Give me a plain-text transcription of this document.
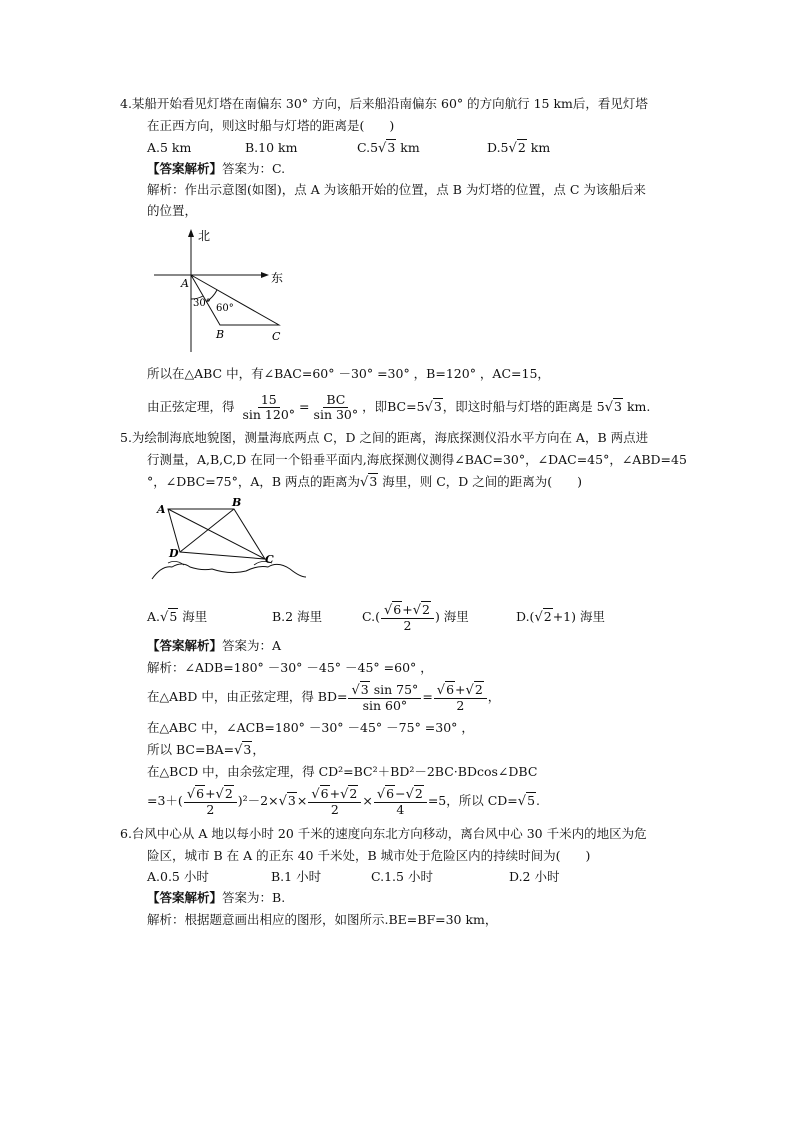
4.某船开始看见灯塔在南偏东 30° 方向，后来船沿南偏东 60° 的方向航行 15 km后，看见灯塔
在正西方向，则这时船与灯塔的距离是(　　)
A.5 km	B.10 km	C.5√3 km	D.5√2 km
【答案解析】答案为：C.
解析：作出示意图(如图)，点 A 为该船开始的位置，点 B 为灯塔的位置，点 C 为该船后来
的位置，
北
东
A
B	C
30° 60°
所以在△ABC 中，有∠BAC=60° －30° =30° ，B=120° ，AC=15，
由正弦定理，得 $\frac{15}{\sin 120^\circ} = \frac{BC}{\sin 30^\circ}$ ，即BC=5√3，即这时船与灯塔的距离是 5√3 km.
5.为绘制海底地貌图，测量海底两点 C，D 之间的距离，海底探测仪沿水平方向在 A，B 两点进
行测量，A,B,C,D 在同一个铅垂平面内,海底探测仪测得∠BAC=30°，∠DAC=45°，∠ABD=45
°，∠DBC=75°，A，B 两点的距离为√3 海里，则 C，D 之间的距离为(　　)
A
B
C
D
A.√5 海里	B.2 海里	$C.( \frac{√6+√2}{2}$ ) 海里	D.(√2+1) 海里
【答案解析】答案为：A
解析：∠ADB=180° －30° －45° －45° =60° ，
在△ABD 中，由正弦定理，得 $BD= \frac{√3 \sin 75^\circ}{\sin 60^\circ} = \frac{√6+√2}{2}$ ，
在△ABC 中，∠ACB=180° －30° －45° －75° =30° ，
所以 BC=BA=√3，
在△BCD 中，由余弦定理，得 CD²=BC²＋BD²－2BC·BDcos∠DBC
$=3+( \frac{√6+√2}{2} )^2-2\times√3\times \frac{√6+√2}{2} \times \frac{√6-√2}{4} =5$，所以 CD=√5.
6.台风中心从 A 地以每小时 20 千米的速度向东北方向移动，离台风中心 30 千米内的地区为危
险区，城市 B 在 A 的正东 40 千米处，B 城市处于危险区内的持续时间为(　　)
A.0.5 小时	B.1 小时	C.1.5 小时	D.2 小时
【答案解析】答案为：B.
解析：根据题意画出相应的图形，如图所示.BE=BF=30 km，
